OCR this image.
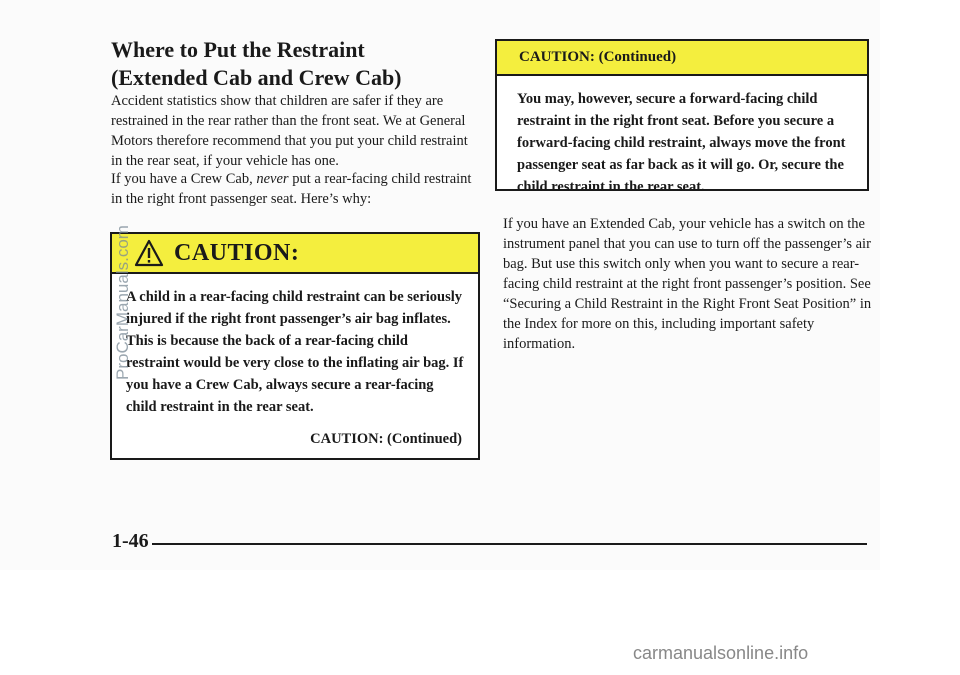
Where to Put the Restraint
(Extended Cab and Crew Cab)

Accident statistics show that children are safer if they are restrained in the rear rather than the front seat. We at General Motors therefore recommend that you put your child restraint in the rear seat, if your vehicle has one.

If you have a Crew Cab, never put a rear-facing child restraint in the right front passenger seat. Here’s why:

CAUTION:
A child in a rear-facing child restraint can be seriously injured if the right front passenger’s air bag inflates. This is because the back of a rear-facing child restraint would be very close to the inflating air bag. If you have a Crew Cab, always secure a rear-facing child restraint in the rear seat.
CAUTION: (Continued)
CAUTION: (Continued)
You may, however, secure a forward-facing child restraint in the right front seat. Before you secure a forward-facing child restraint, always move the front passenger seat as far back as it will go. Or, secure the child restraint in the rear seat.

If you have an Extended Cab, your vehicle has a switch on the instrument panel that you can use to turn off the passenger’s air bag. But use this switch only when you want to secure a rear-facing child restraint at the right front passenger’s position. See “Securing a Child Restraint in the Right Front Seat Position” in the Index for more on this, including important safety information.

1-46
ProCarManuals.com
carmanualsonline.info
